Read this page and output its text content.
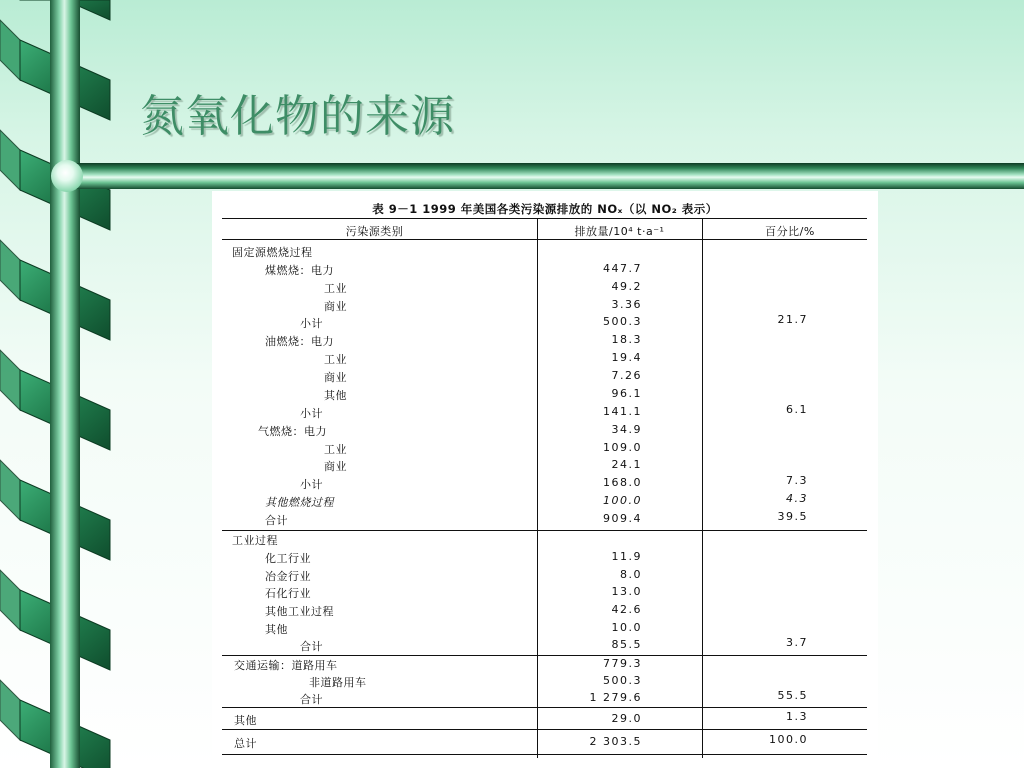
氮氧化物的来源
表 9－1 1999 年美国各类污染源排放的 NOₓ（以 NO₂ 表示）
污染源类别	排放量/10⁴ t·a⁻¹	百分比/%
固定源燃烧过程
煤燃烧：电力	447.7
工业	49.2
商业	3.36
小计	500.3	21.7
油燃烧：电力	18.3
工业	19.4
商业	7.26
其他	96.1
小计	141.1	6.1
气燃烧：电力	34.9
工业	109.0
商业	24.1
小计	168.0	7.3
其他燃烧过程	100.0	4.3
合计	909.4	39.5
工业过程
化工行业	11.9
冶金行业	8.0
石化行业	13.0
其他工业过程	42.6
其他	10.0
合计	85.5	3.7
交通运输：道路用车	779.3
非道路用车	500.3
合计	1 279.6	55.5
其他	29.0	1.3
总计	2 303.5	100.0
